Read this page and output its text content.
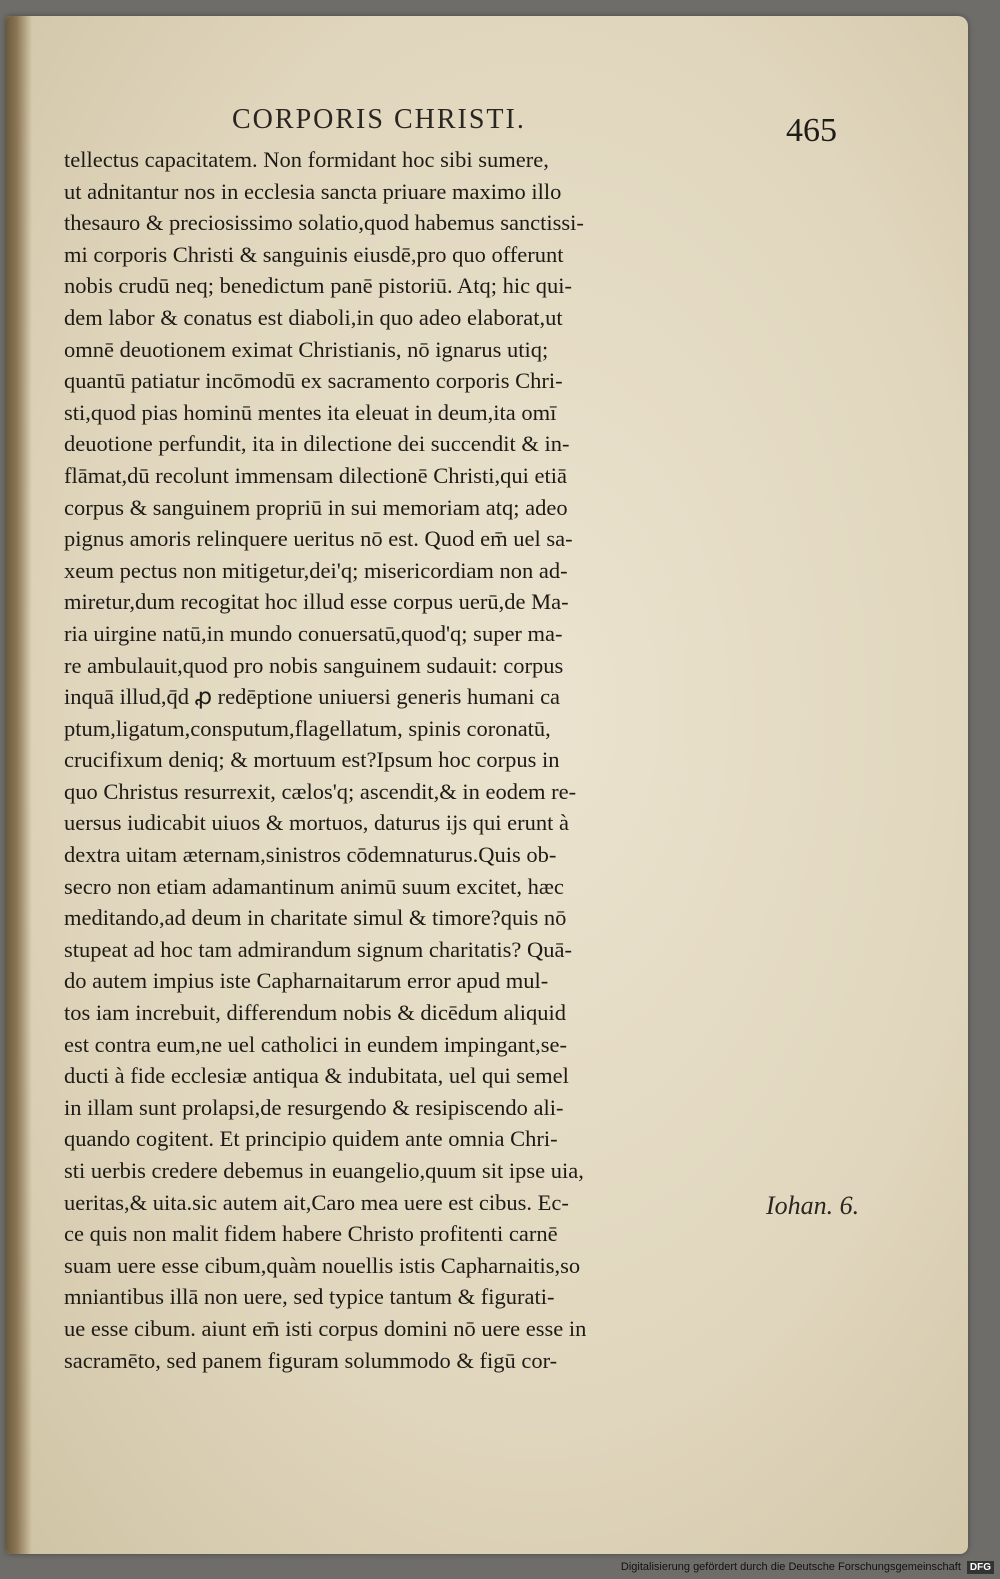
CORPORIS CHRISTI.	465
tellectus capacitatem. Non formidant hoc sibi sumere,
ut adnitantur nos in ecclesia sancta priuare maximo illo
thesauro & preciosissimo solatio,quod habemus sanctissi-
mi corporis Christi & sanguinis eiusdē,pro quo offerunt
nobis crudū neq; benedictum panē pistoriū. Atq; hic qui-
dem labor & conatus est diaboli,in quo adeo elaborat,ut
omnē deuotionem eximat Christianis, nō ignarus utiq;
quantū patiatur incōmodū ex sacramento corporis Chri-
sti,quod pias hominū mentes ita eleuat in deum,ita omī
deuotione perfundit, ita in dilectione dei succendit & in-
flāmat,dū recolunt immensam dilectionē Christi,qui etiā
corpus & sanguinem propriū in sui memoriam atq; adeo
pignus amoris relinquere ueritus nō est. Quod em̄ uel sa-
xeum pectus non mitigetur,dei'q; misericordiam non ad-
miretur,dum recogitat hoc illud esse corpus uerū,de Ma-
ria uirgine natū,in mundo conuersatū,quod'q; super ma-
re ambulauit,quod pro nobis sanguinem sudauit: corpus
inquā illud,q̄d ꝓ redēptione uniuersi generis humani ca
ptum,ligatum,consputum,flagellatum, spinis coronatū,
crucifixum deniq; & mortuum est?Ipsum hoc corpus in
quo Christus resurrexit, cælos'q; ascendit,& in eodem re-
uersus iudicabit uiuos & mortuos, daturus ijs qui erunt à
dextra uitam æternam,sinistros cōdemnaturus.Quis ob-
secro non etiam adamantinum animū suum excitet, hæc
meditando,ad deum in charitate simul & timore?quis nō
stupeat ad hoc tam admirandum signum charitatis? Quā-
do autem impius iste Capharnaitarum error apud mul-
tos iam increbuit, differendum nobis & dicēdum aliquid
est contra eum,ne uel catholici in eundem impingant,se-
ducti à fide ecclesiæ antiqua & indubitata, uel qui semel
in illam sunt prolapsi,de resurgendo & resipiscendo ali-
quando cogitent. Et principio quidem ante omnia Chri-
sti uerbis credere debemus in euangelio,quum sit ipse uia,
ueritas,& uita.sic autem ait,Caro mea uere est cibus. Ec-
ce quis non malit fidem habere Christo profitenti carnē
suam uere esse cibum,quàm nouellis istis Capharnaitis,so
mniantibus illā non uere, sed typice tantum & figurati-
ue esse cibum. aiunt em̄ isti corpus domini nō uere esse in
sacramēto, sed panem figuram solummodo & figū cor-
Iohan. 6.
Digitalisierung gefördert durch die Deutsche Forschungsgemeinschaft DFG
